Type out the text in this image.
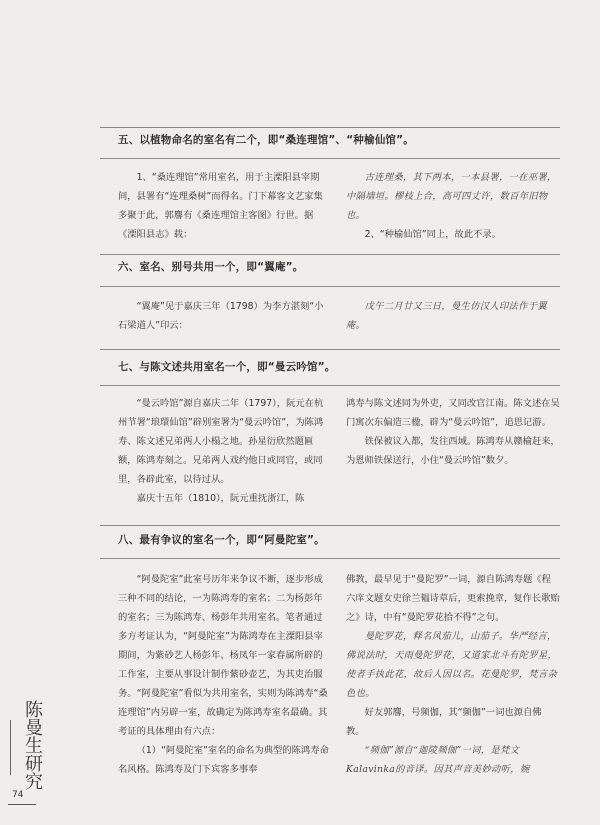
五、以植物命名的室名有二个，即“桑连理馆”、“种榆仙馆”。

1、“桑连理馆”常用室名，用于主溧阳县宰期间，县署有“连理桑树”而得名。门下幕客文艺家集多聚于此，郭麐有《桑连理馆主客图》行世。据《溧阳县志》载：

古连理桑，其下两本，一本县署，一在巫署，中隔墙垣。樛枝上合，高可四丈许，数百年旧物也。

2、“种榆仙馆”同上，故此不录。

六、室名、别号共用一个，即“翼庵”。

“翼庵”见于嘉庆三年（1798）为李方湛刻“小石梁道人”印云：

戊午二月廿又三日，曼生仿汉人印法作于翼庵。

七、与陈文述共用室名一个，即“曼云吟馆”。

“曼云吟馆”源自嘉庆二年（1797），阮元在杭州节署“琅環仙馆”辟别室署为“曼云吟馆”，为陈鸿寿、陈文述兄弟两人小榻之地。孙星衍欣然题匾额，陈鸿寿刻之。兄弟两人戏约他日或同官，或同里，各辟此室，以待过从。

嘉庆十五年（1810），阮元重抚浙江，陈

鸿寿与陈文述同为外吏，又同改官江南。陈文述在吴门寓次东偏造三楹，辟为“曼云吟馆”，追思记游。

铁保被议入都，发往西域。陈鸿寿从赣榆赶来，为恩师铁保送行，小住“曼云吟馆”数夕。

八、最有争议的室名一个，即“阿曼陀室”。

“阿曼陀室”此室号历年来争议不断，逐步形成三种不同的结论，一为陈鸿寿的室名；二为杨彭年的室名；三为陈鸿寿、杨彭年共用室名。笔者通过多方考证认为，“阿曼陀室”为陈鸿寿在主溧阳县宰期间，为紫砂艺人杨彭年、杨凤年一家春属所辟的工作室，主要从事设计制作紫砂壶艺，为其吏治服务。“阿曼陀室”看似为共用室名，实则为陈鸿寿“桑连理馆”内另辟一室，故确定为陈鸿寿室名最确。其考证的具体理由有六点：

（1）“阿曼陀室”室名的命名为典型的陈鸿寿命名风格。陈鸿寿及门下宾客多事奉

佛教，最早见于“曼陀罗”一词，源自陈鸿寿题《程六庠文题女史徐兰韫诗草后，更索挽章，复作长歌贻之》诗，中有“曼陀罗花拾不得”之句。

曼陀罗花，释名风茄儿，山茄子。华严经言，佛说法时，天雨曼陀罗花，又道家北斗有陀罗星，使者手执此花，故后人因以名。花曼陀罗，梵言杂色也。

好友郭麐，号频伽，其“频伽”一词也源自佛教。

“频伽”源自“迦陵频伽”一词，是梵文Kalavinka的音译。因其声音美妙动听，婉

陈曼生研究
74
